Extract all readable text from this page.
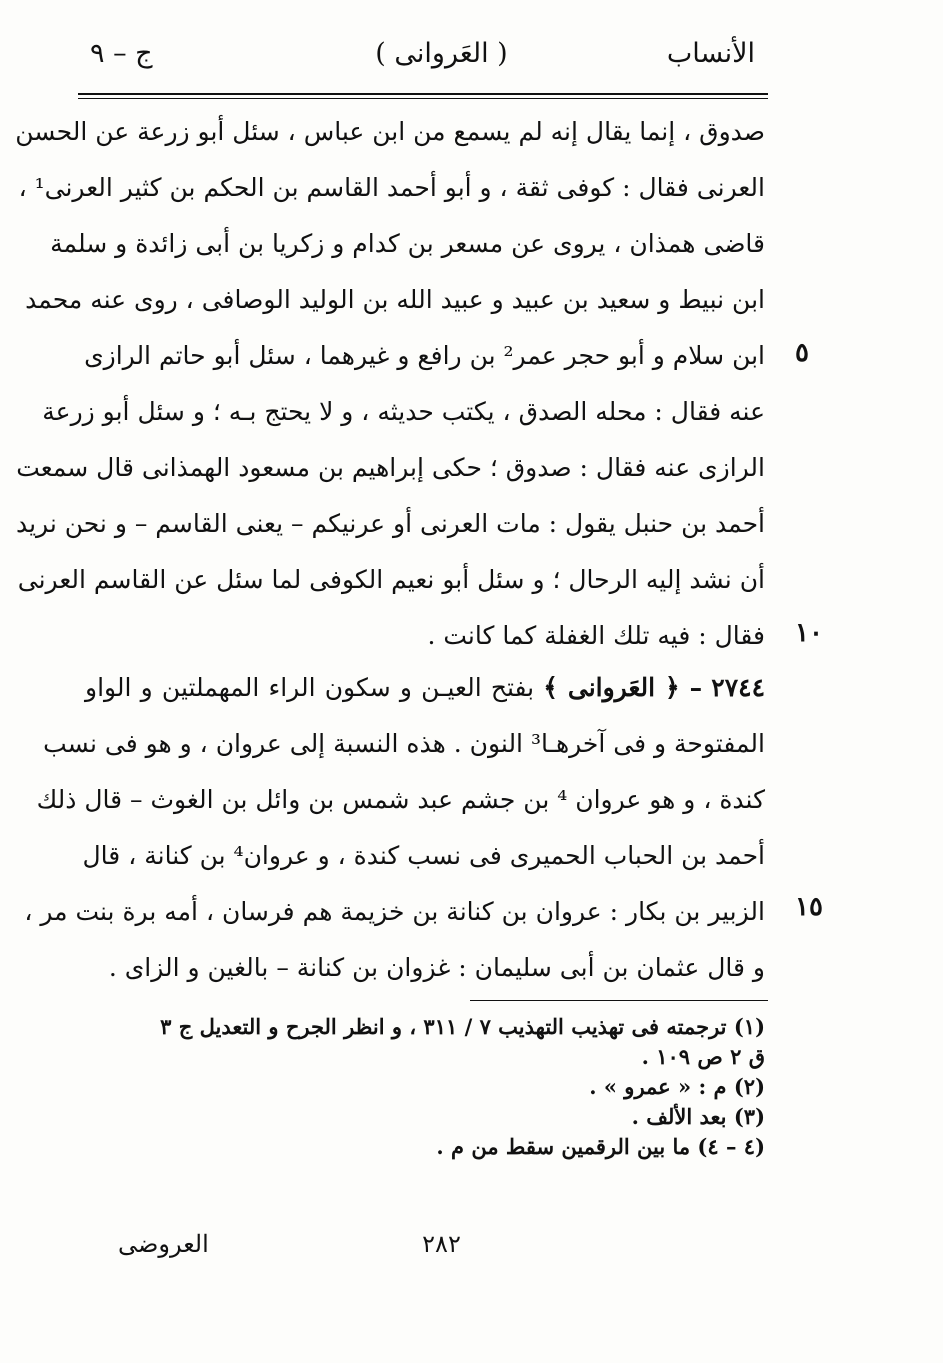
الأنساب
( العَروانی )
ج – ٩
صدوق ، إنما يقال إنه لم يسمع من ابن عباس ، سئل أبو زرعة عن الحسن
العرنی فقال : كوفی ثقة ، و أبو أحمد القاسم بن الحكم بن كثیر العرنی¹ ،
قاضی همذان ، يروی عن مسعر بن كدام و زكريا بن أبی زائدة و سلمة
ابن نبيط و سعيد بن عبيد و عبيد الله بن الوليد الوصافی ، روی عنه محمد
ابن سلام و أبو حجر عمر² بن رافع و غيرهما ، سئل أبو حاتم الرازی
عنه فقال : محله الصدق ، يكتب حديثه ، و لا يحتج بـه ؛ و سئل أبو زرعة
الرازی عنه فقال : صدوق ؛ حكى إبراهيم بن مسعود الهمذانی قال سمعت
أحمد بن حنبل يقول : مات العرنی أو عرنيكم – يعنی القاسم – و نحن نريد
أن نشد إليه الرحال ؛ و سئل أبو نعيم الكوفی لما سئل عن القاسم العرنی
فقال : فيه تلك الغفلة كما كانت .
٥
١٠
٢٧٤٤ – ﴿ العَروانی ﴾ بفتح العيـن و سكون الراء المهملتين و الواو
المفتوحة و فی آخرهـا³ النون . هذه النسبة إلى عروان ، و هو فی نسب
كندة ، و هو عروان ⁴ بن جشم عبد شمس بن وائل بن الغوث – قال ذلك
أحمد بن الحباب الحميری فی نسب كندة ، و عروان⁴ بن كنانة ، قال
الزبير بن بكار : عروان بن كنانة بن خزيمة هم فرسان ، أمه برة بنت مر ،
و قال عثمان بن أبی سليمان : غزوان بن كنانة – بالغين و الزای .
١٥
(١) ترجمته فی تهذيب التهذيب ٧ / ٣١١ ، و انظر الجرح و التعديل ج ٣
ق ٢ ص ١٠٩ .
(٢) م : « عمرو » .
(٣) بعد الألف .
(٤ – ٤) ما بين الرقمين سقط من م .
٢٨٢
العروضی
